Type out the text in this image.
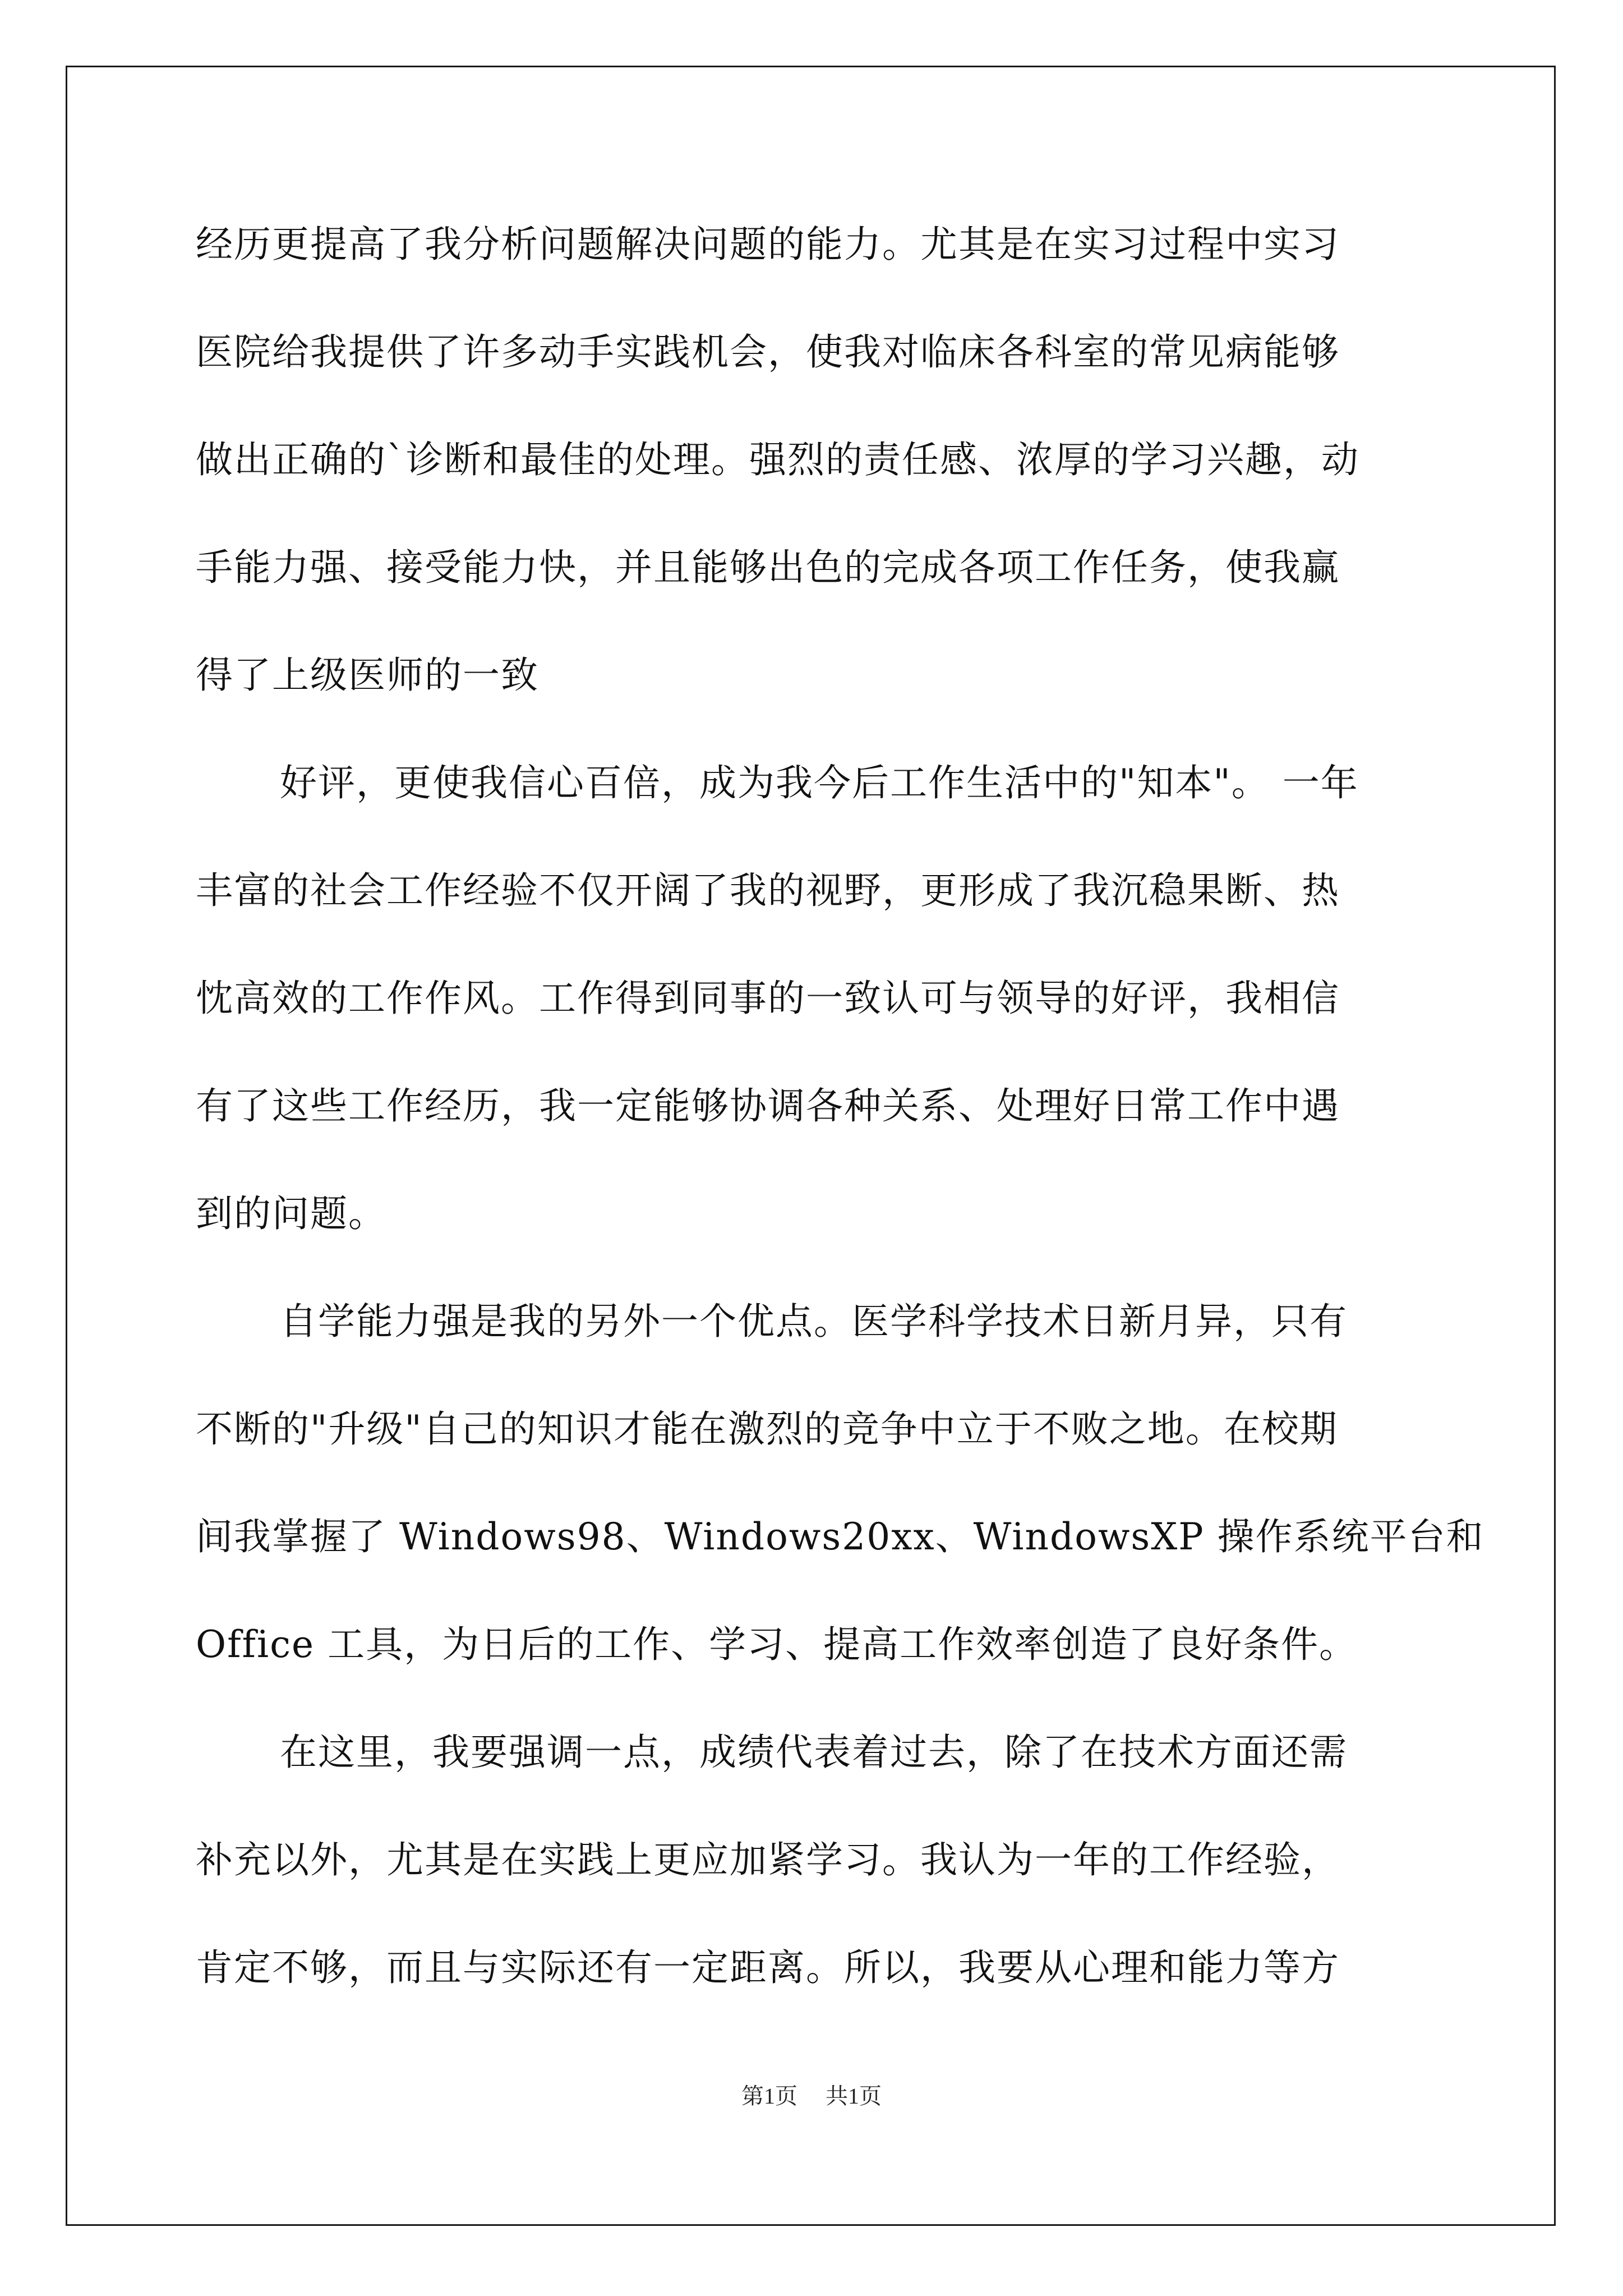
经历更提高了我分析问题解决问题的能力。尤其是在实习过程中实习
医院给我提供了许多动手实践机会，使我对临床各科室的常见病能够
做出正确的`诊断和最佳的处理。强烈的责任感、浓厚的学习兴趣，动
手能力强、接受能力快，并且能够出色的完成各项工作任务，使我赢
得了上级医师的一致
好评，更使我信心百倍，成为我今后工作生活中的"知本"。 一年
丰富的社会工作经验不仅开阔了我的视野，更形成了我沉稳果断、热
忱高效的工作作风。工作得到同事的一致认可与领导的好评，我相信
有了这些工作经历，我一定能够协调各种关系、处理好日常工作中遇
到的问题。
自学能力强是我的另外一个优点。医学科学技术日新月异，只有
不断的"升级"自己的知识才能在激烈的竞争中立于不败之地。在校期
间我掌握了 Windows98、Windows20xx、WindowsXP 操作系统平台和
Office 工具，为日后的工作、学习、提高工作效率创造了良好条件。
在这里，我要强调一点，成绩代表着过去，除了在技术方面还需
补充以外，尤其是在实践上更应加紧学习。我认为一年的工作经验，
肯定不够，而且与实际还有一定距离。所以，我要从心理和能力等方
第1页 共1页
